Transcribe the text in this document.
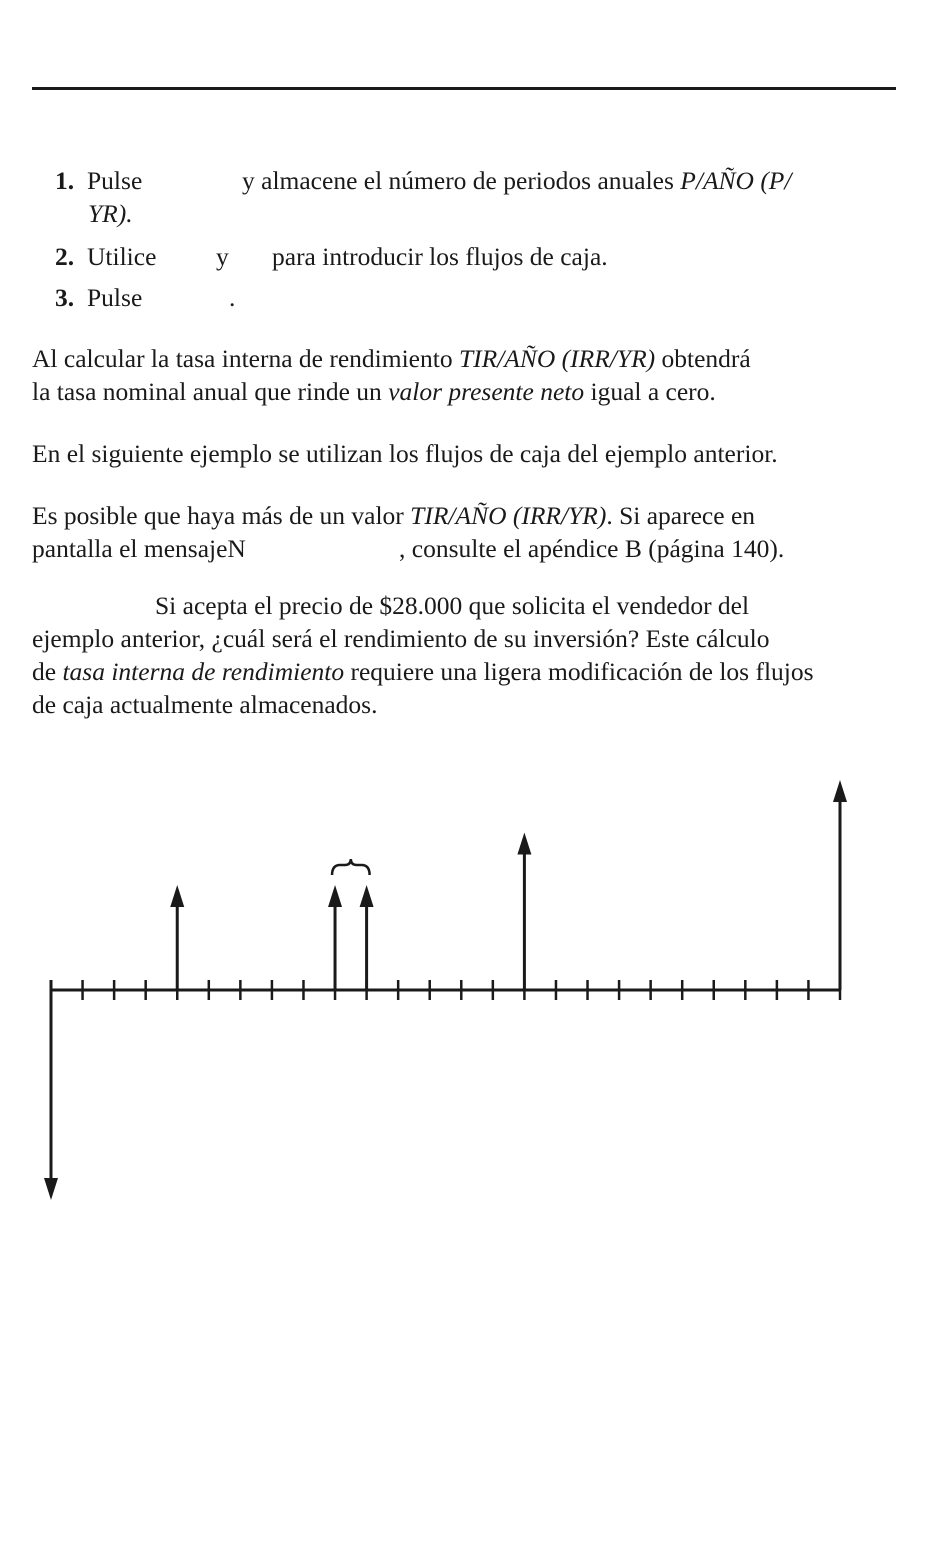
1. Pulse	y almacene el número de periodos anuales P/AÑO (P/
YR).
2. Utilice y para introducir los flujos de caja.
3. Pulse	.
Al calcular la tasa interna de rendimiento TIR/AÑO (IRR/YR) obtendrá
la tasa nominal anual que rinde un valor presente neto igual a cero.
En el siguiente ejemplo se utilizan los flujos de caja del ejemplo anterior.
Es posible que haya más de un valor TIR/AÑO (IRR/YR). Si aparece en
pantalla el mensajeN	, consulte el apéndice B (página 140).
Si acepta el precio de $28.000 que solicita el vendedor del
ejemplo anterior, ¿cuál será el rendimiento de su inversión? Este cálculo
de tasa interna de rendimiento requiere una ligera modificación de los flujos
de caja actualmente almacenados.
